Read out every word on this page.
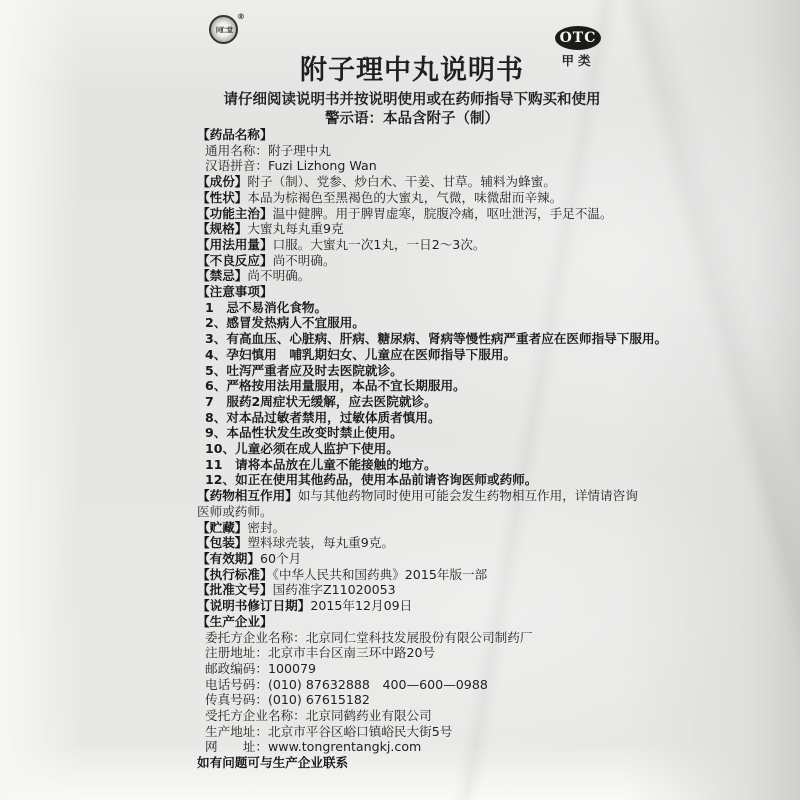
同仁堂
®
OTC
甲类
附子理中丸说明书
请仔细阅读说明书并按说明使用或在药师指导下购买和使用
警示语：本品含附子（制）
【药品名称】
通用名称：附子理中丸
汉语拼音：Fuzi Lizhong Wan
【成份】附子（制）、党参、炒白术、干姜、甘草。辅料为蜂蜜。
【性状】本品为棕褐色至黑褐色的大蜜丸，气微，味微甜而辛辣。
【功能主治】温中健脾。用于脾胃虚寒，脘腹冷痛，呕吐泄泻，手足不温。
【规格】大蜜丸每丸重9克
【用法用量】口服。大蜜丸一次1丸，一日2～3次。
【不良反应】尚不明确。
【禁忌】尚不明确。
【注意事项】
1　忌不易消化食物。
2、感冒发热病人不宜服用。
3、有高血压、心脏病、肝病、糖尿病、肾病等慢性病严重者应在医师指导下服用。
4、孕妇慎用　哺乳期妇女、儿童应在医师指导下服用。
5、吐泻严重者应及时去医院就诊。
6、严格按用法用量服用，本品不宜长期服用。
7　服药2周症状无缓解，应去医院就诊。
8、对本品过敏者禁用，过敏体质者慎用。
9、本品性状发生改变时禁止使用。
10、儿童必须在成人监护下使用。
11　请将本品放在儿童不能接触的地方。
12、如正在使用其他药品，使用本品前请咨询医师或药师。
【药物相互作用】如与其他药物同时使用可能会发生药物相互作用，详情请咨询
医师或药师。
【贮藏】密封。
【包装】塑料球壳装，每丸重9克。
【有效期】60个月
【执行标准】《中华人民共和国药典》2015年版一部
【批准文号】国药准字Z11020053
【说明书修订日期】2015年12月09日
【生产企业】
委托方企业名称：北京同仁堂科技发展股份有限公司制药厂
注册地址：北京市丰台区南三环中路20号
邮政编码：100079
电话号码：(010) 87632888　400—600—0988
传真号码：(010) 67615182
受托方企业名称：北京同鹤药业有限公司
生产地址：北京市平谷区峪口镇峪民大街5号
网　　址：www.tongrentangkj.com
如有问题可与生产企业联系
